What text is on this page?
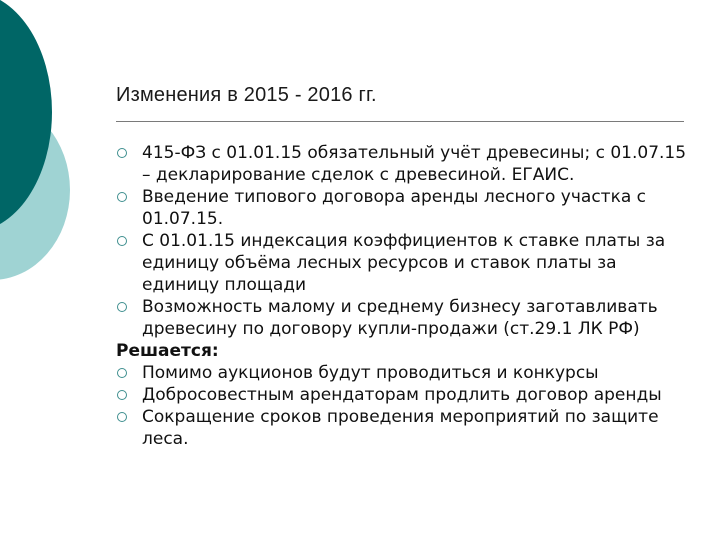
Изменения в 2015 - 2016 гг.
415-ФЗ с 01.01.15 обязательный учёт древесины; с 01.07.15 – декларирование сделок с древесиной. ЕГАИС.
Введение типового договора аренды лесного участка с 01.07.15.
С 01.01.15 индексация коэффициентов к ставке платы за единицу объёма лесных ресурсов и ставок платы за единицу площади
Возможность малому и среднему бизнесу заготавливать древесину по договору купли-продажи (ст.29.1 ЛК РФ)
Решается:
Помимо аукционов будут проводиться и конкурсы
Добросовестным арендаторам продлить договор аренды
Сокращение сроков проведения мероприятий по защите леса.
